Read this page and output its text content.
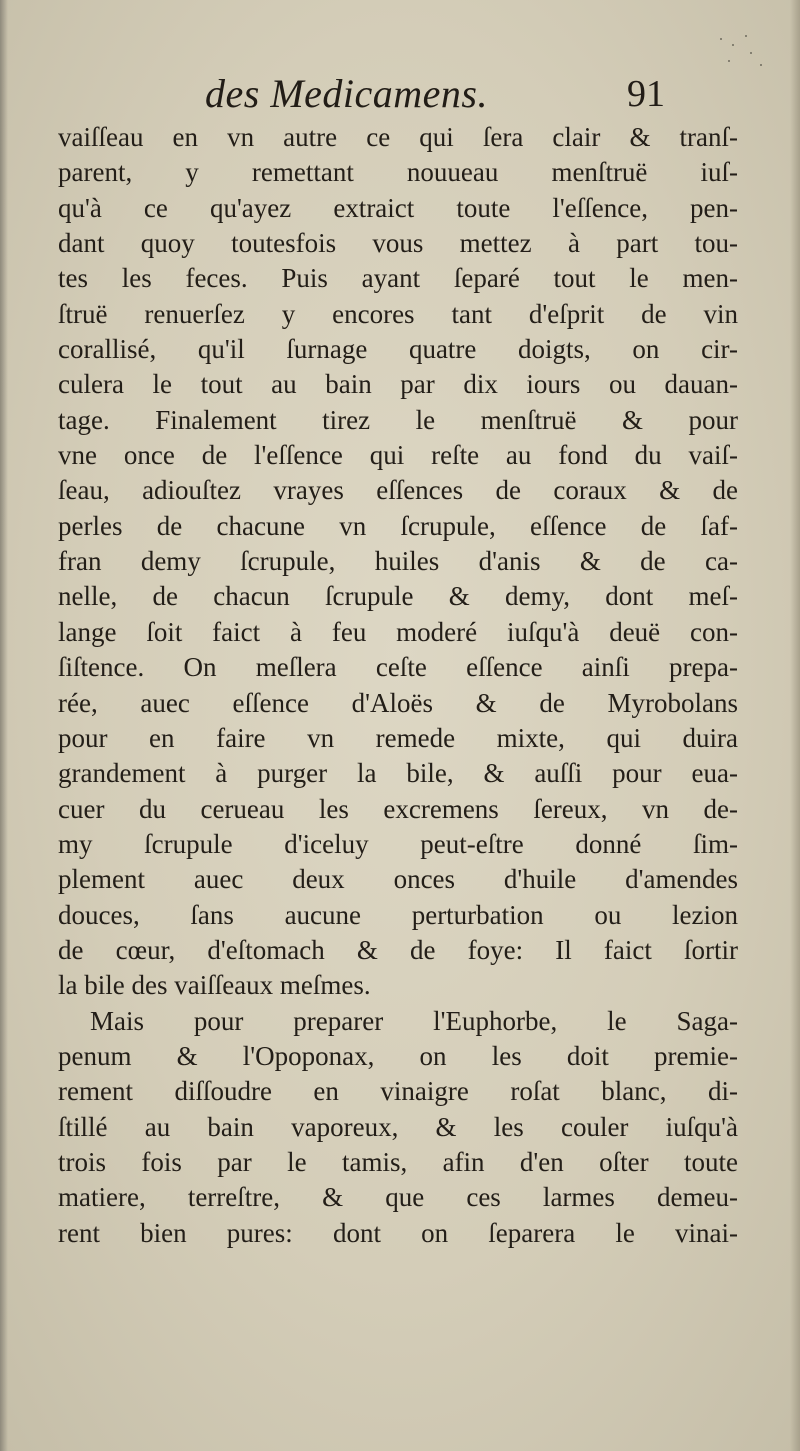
des Medicamens.	91
vaiſſeau en vn autre ce qui ſera clair & tranſ-
parent, y remettant nouueau menſtruë iuſ-
qu'à ce qu'ayez extraict toute l'eſſence, pen-
dant quoy toutesfois vous mettez à part tou-
tes les feces. Puis ayant ſeparé tout le men-
ſtruë renuerſez y encores tant d'eſprit de vin
corallisé, qu'il ſurnage quatre doigts, on cir-
culera le tout au bain par dix iours ou dauan-
tage. Finalement tirez le menſtruë & pour
vne once de l'eſſence qui reſte au fond du vaiſ-
ſeau, adiouſtez vrayes eſſences de coraux & de
perles de chacune vn ſcrupule, eſſence de ſaf-
fran demy ſcrupule, huiles d'anis & de ca-
nelle, de chacun ſcrupule & demy, dont meſ-
lange ſoit faict à feu moderé iuſqu'à deuë con-
ſiſtence. On meſlera ceſte eſſence ainſi prepa-
rée, auec eſſence d'Aloës & de Myrobolans
pour en faire vn remede mixte, qui duira
grandement à purger la bile, & auſſi pour eua-
cuer du cerueau les excremens ſereux, vn de-
my ſcrupule d'iceluy peut-eſtre donné ſim-
plement auec deux onces d'huile d'amendes
douces, ſans aucune perturbation ou lezion
de cœur, d'eſtomach & de foye: Il faict ſortir
la bile des vaiſſeaux meſmes.
Mais pour preparer l'Euphorbe, le Saga-
penum & l'Opoponax, on les doit premie-
rement diſſoudre en vinaigre roſat blanc, di-
ſtillé au bain vaporeux, & les couler iuſqu'à
trois fois par le tamis, afin d'en oſter toute
matiere, terreſtre, & que ces larmes demeu-
rent bien pures: dont on ſeparera le vinai-
